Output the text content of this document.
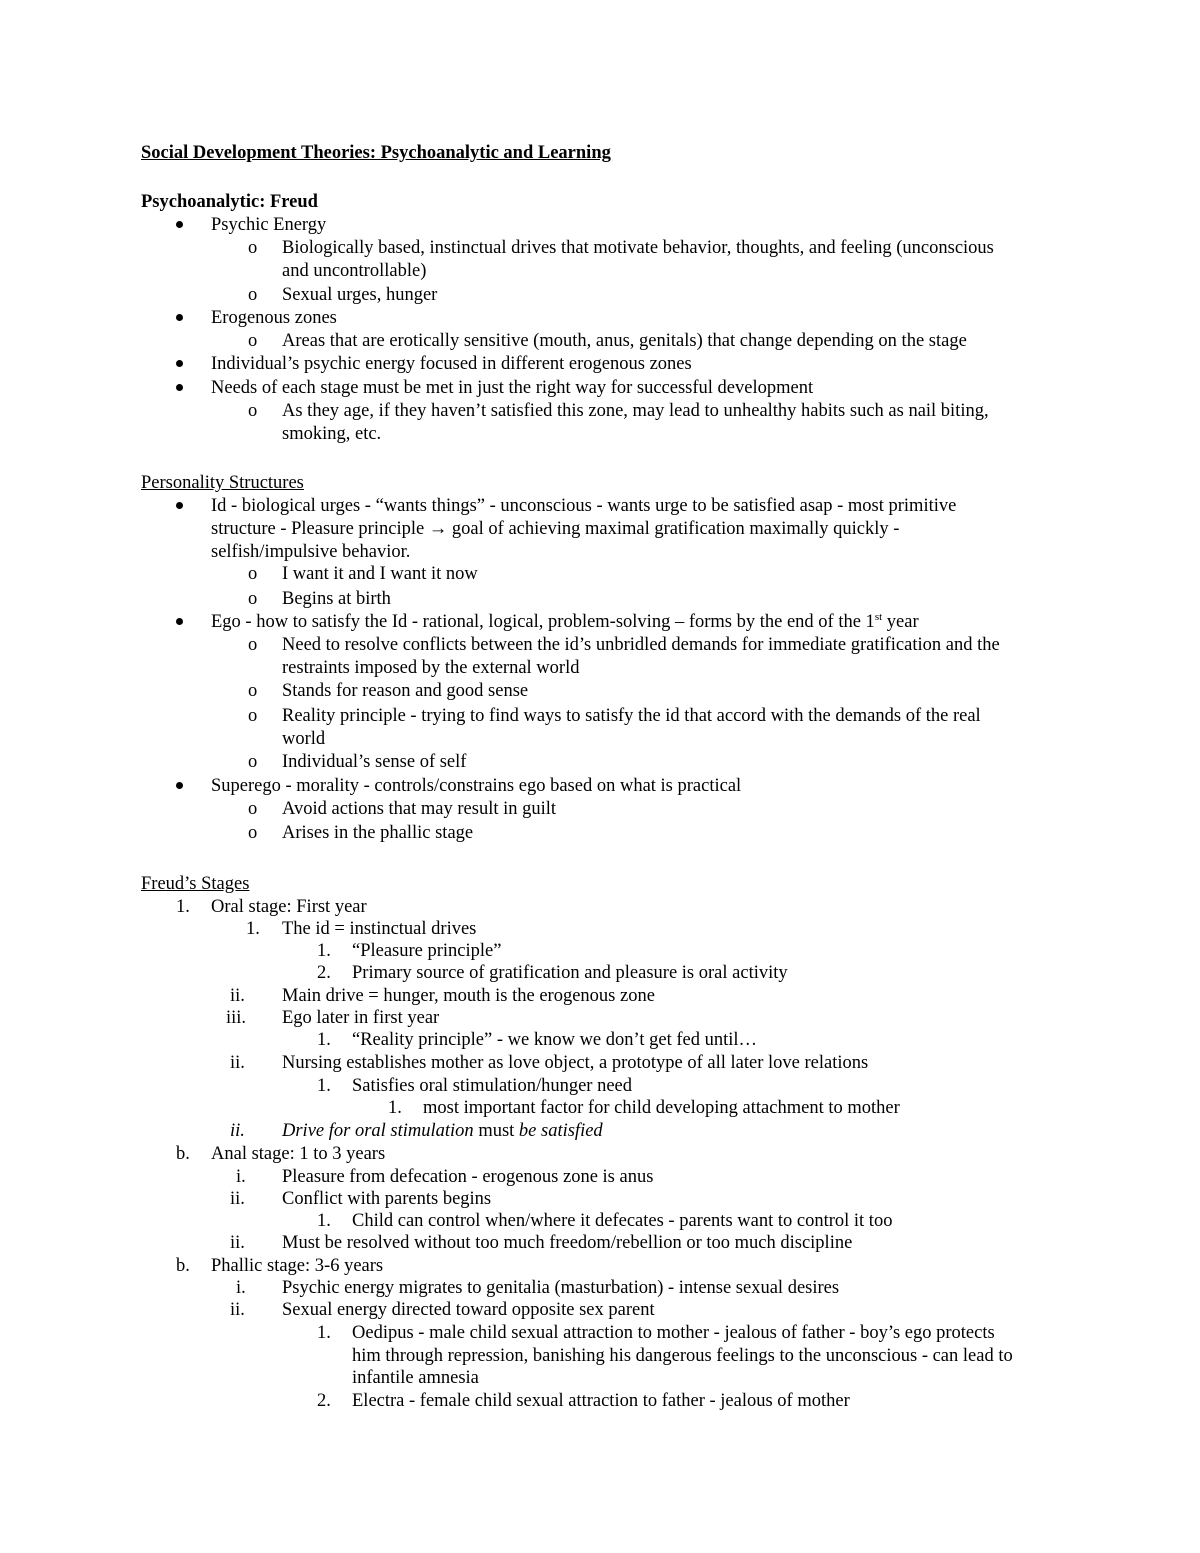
Social Development Theories: Psychoanalytic and Learning
Psychoanalytic: Freud
Psychic Energy
o Biologically based, instinctual drives that motivate behavior, thoughts, and feeling (unconscious
and uncontrollable)
o Sexual urges, hunger
Erogenous zones
o Areas that are erotically sensitive (mouth, anus, genitals) that change depending on the stage
Individual’s psychic energy focused in different erogenous zones
Needs of each stage must be met in just the right way for successful development
o As they age, if they haven’t satisfied this zone, may lead to unhealthy habits such as nail biting,
smoking, etc.
Personality Structures
Id - biological urges - “wants things” - unconscious - wants urge to be satisfied asap - most primitive
structure - Pleasure principle → goal of achieving maximal gratification maximally quickly -
selfish/impulsive behavior.
o I want it and I want it now
o Begins at birth
Ego - how to satisfy the Id - rational, logical, problem-solving – forms by the end of the 1st year
o Need to resolve conflicts between the id’s unbridled demands for immediate gratification and the
restraints imposed by the external world
o Stands for reason and good sense
o Reality principle - trying to find ways to satisfy the id that accord with the demands of the real
world
o Individual’s sense of self
Superego - morality - controls/constrains ego based on what is practical
o Avoid actions that may result in guilt
o Arises in the phallic stage
Freud’s Stages
1. Oral stage: First year
1. The id = instinctual drives
1. “Pleasure principle”
2. Primary source of gratification and pleasure is oral activity
ii. Main drive = hunger, mouth is the erogenous zone
iii. Ego later in first year
1. “Reality principle” - we know we don’t get fed until…
ii. Nursing establishes mother as love object, a prototype of all later love relations
1. Satisfies oral stimulation/hunger need
1. most important factor for child developing attachment to mother
ii. Drive for oral stimulation must be satisfied
b. Anal stage: 1 to 3 years
i. Pleasure from defecation - erogenous zone is anus
ii. Conflict with parents begins
1. Child can control when/where it defecates - parents want to control it too
ii. Must be resolved without too much freedom/rebellion or too much discipline
b. Phallic stage: 3-6 years
i. Psychic energy migrates to genitalia (masturbation) - intense sexual desires
ii. Sexual energy directed toward opposite sex parent
1. Oedipus - male child sexual attraction to mother - jealous of father - boy’s ego protects
him through repression, banishing his dangerous feelings to the unconscious - can lead to
infantile amnesia
2. Electra - female child sexual attraction to father - jealous of mother
